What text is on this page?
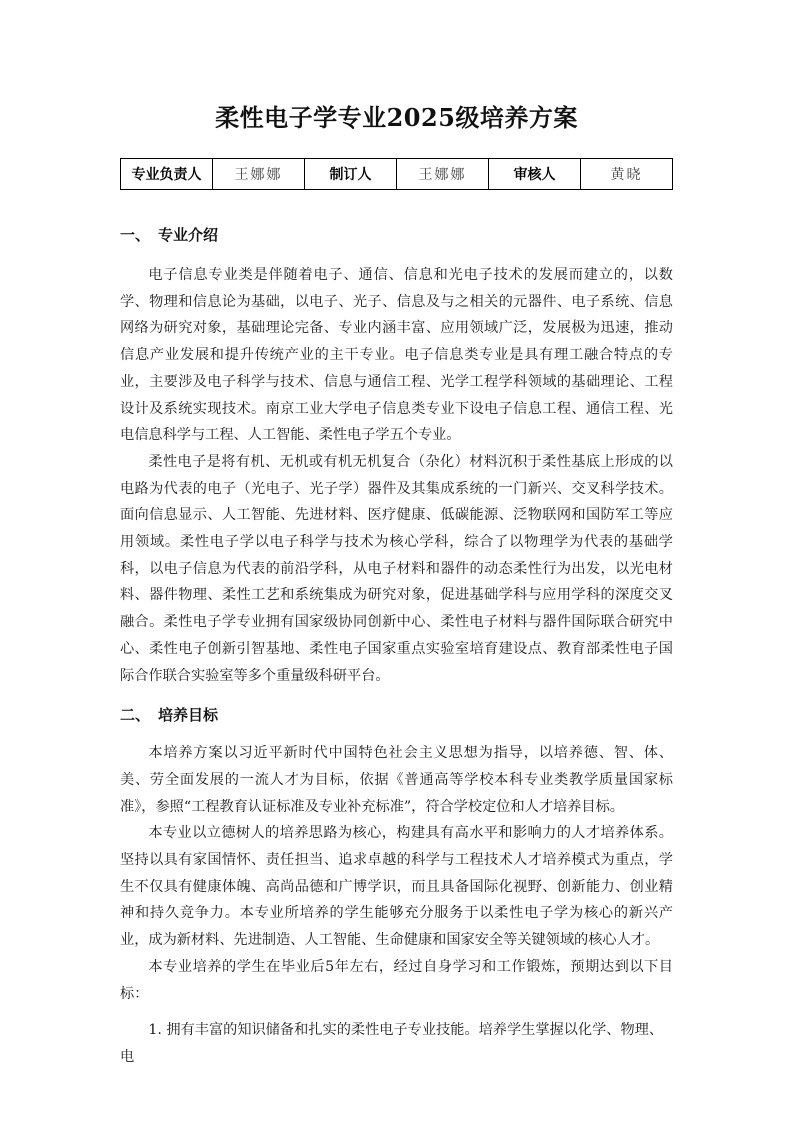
柔性电子学专业2025级培养方案
专业负责人	王娜娜	制订人	王娜娜	审核人	黄晓
一、 专业介绍

电子信息专业类是伴随着电子、通信、信息和光电子技术的发展而建立的，以数学、物理和信息论为基础，以电子、光子、信息及与之相关的元器件、电子系统、信息网络为研究对象，基础理论完备、专业内涵丰富、应用领域广泛，发展极为迅速，推动信息产业发展和提升传统产业的主干专业。电子信息类专业是具有理工融合特点的专业，主要涉及电子科学与技术、信息与通信工程、光学工程学科领域的基础理论、工程设计及系统实现技术。南京工业大学电子信息类专业下设电子信息工程、通信工程、光电信息科学与工程、人工智能、柔性电子学五个专业。

柔性电子是将有机、无机或有机无机复合（杂化）材料沉积于柔性基底上形成的以电路为代表的电子（光电子、光子学）器件及其集成系统的一门新兴、交叉科学技术。面向信息显示、人工智能、先进材料、医疗健康、低碳能源、泛物联网和国防军工等应用领域。柔性电子学以电子科学与技术为核心学科，综合了以物理学为代表的基础学科，以电子信息为代表的前沿学科，从电子材料和器件的动态柔性行为出发，以光电材料、器件物理、柔性工艺和系统集成为研究对象，促进基础学科与应用学科的深度交叉融合。柔性电子学专业拥有国家级协同创新中心、柔性电子材料与器件国际联合研究中心、柔性电子创新引智基地、柔性电子国家重点实验室培育建设点、教育部柔性电子国际合作联合实验室等多个重量级科研平台。

二、 培养目标

本培养方案以习近平新时代中国特色社会主义思想为指导，以培养德、智、体、美、劳全面发展的一流人才为目标，依据《普通高等学校本科专业类教学质量国家标准》，参照“工程教育认证标准及专业补充标准”，符合学校定位和人才培养目标。

本专业以立德树人的培养思路为核心，构建具有高水平和影响力的人才培养体系。坚持以具有家国情怀、责任担当、追求卓越的科学与工程技术人才培养模式为重点，学生不仅具有健康体魄、高尚品德和广博学识，而且具备国际化视野、创新能力、创业精神和持久竞争力。本专业所培养的学生能够充分服务于以柔性电子学为核心的新兴产业，成为新材料、先进制造、人工智能、生命健康和国家安全等关键领域的核心人才。

本专业培养的学生在毕业后5年左右，经过自身学习和工作锻炼，预期达到以下目标：

1. 拥有丰富的知识储备和扎实的柔性电子专业技能。培养学生掌握以化学、物理、电
